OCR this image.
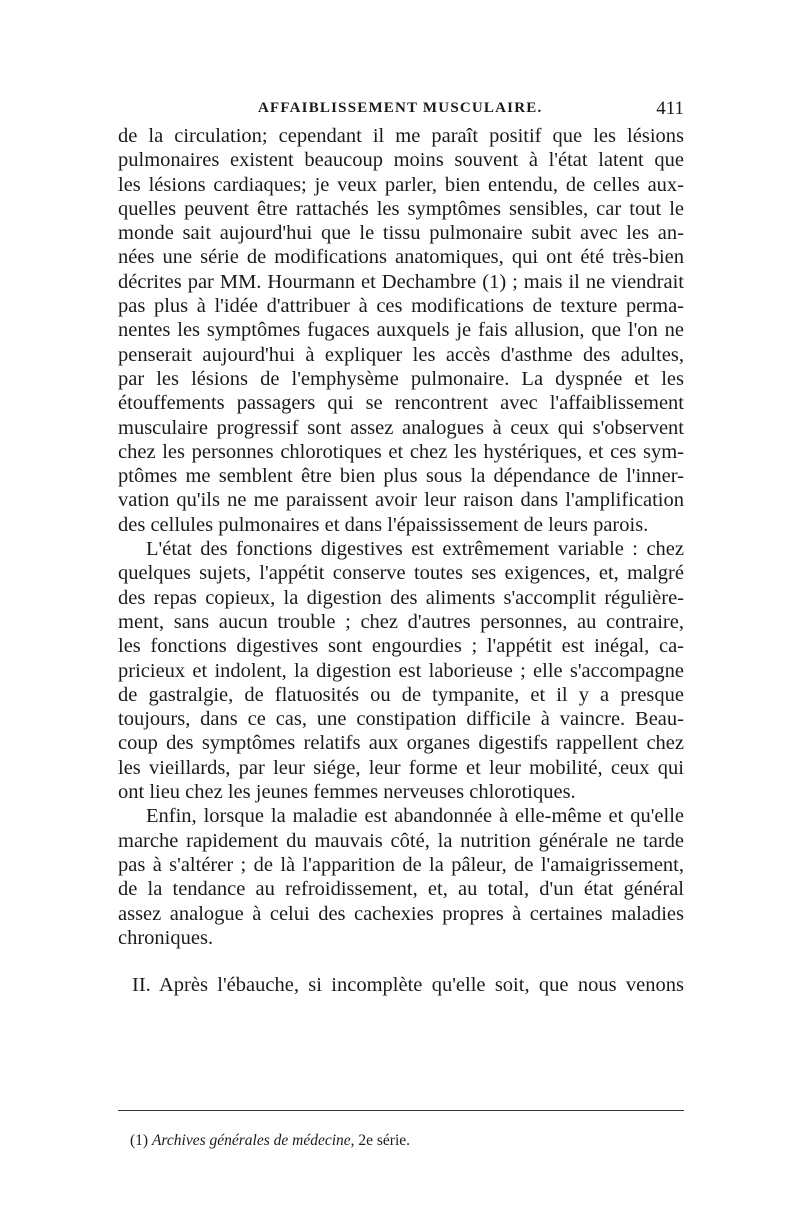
AFFAIBLISSEMENT MUSCULAIRE.	411
de la circulation; cependant il me paraît positif que les lésions
pulmonaires existent beaucoup moins souvent à l'état latent que
les lésions cardiaques; je veux parler, bien entendu, de celles aux-
quelles peuvent être rattachés les symptômes sensibles, car tout le
monde sait aujourd'hui que le tissu pulmonaire subit avec les an-
nées une série de modifications anatomiques, qui ont été très-bien
décrites par MM. Hourmann et Dechambre (1) ; mais il ne viendrait
pas plus à l'idée d'attribuer à ces modifications de texture perma-
nentes les symptômes fugaces auxquels je fais allusion, que l'on ne
penserait aujourd'hui à expliquer les accès d'asthme des adultes,
par les lésions de l'emphysème pulmonaire. La dyspnée et les
étouffements passagers qui se rencontrent avec l'affaiblissement
musculaire progressif sont assez analogues à ceux qui s'observent
chez les personnes chlorotiques et chez les hystériques, et ces sym-
ptômes me semblent être bien plus sous la dépendance de l'inner-
vation qu'ils ne me paraissent avoir leur raison dans l'amplification
des cellules pulmonaires et dans l'épaississement de leurs parois.
L'état des fonctions digestives est extrêmement variable : chez
quelques sujets, l'appétit conserve toutes ses exigences, et, malgré
des repas copieux, la digestion des aliments s'accomplit régulière-
ment, sans aucun trouble ; chez d'autres personnes, au contraire,
les fonctions digestives sont engourdies ; l'appétit est inégal, ca-
pricieux et indolent, la digestion est laborieuse ; elle s'accompagne
de gastralgie, de flatuosités ou de tympanite, et il y a presque
toujours, dans ce cas, une constipation difficile à vaincre. Beau-
coup des symptômes relatifs aux organes digestifs rappellent chez
les vieillards, par leur siége, leur forme et leur mobilité, ceux qui
ont lieu chez les jeunes femmes nerveuses chlorotiques.
Enfin, lorsque la maladie est abandonnée à elle-même et qu'elle
marche rapidement du mauvais côté, la nutrition générale ne tarde
pas à s'altérer ; de là l'apparition de la pâleur, de l'amaigrissement,
de la tendance au refroidissement, et, au total, d'un état général
assez analogue à celui des cachexies propres à certaines maladies
chroniques.
II. Après l'ébauche, si incomplète qu'elle soit, que nous venons
(1) Archives générales de médecine, 2e série.
